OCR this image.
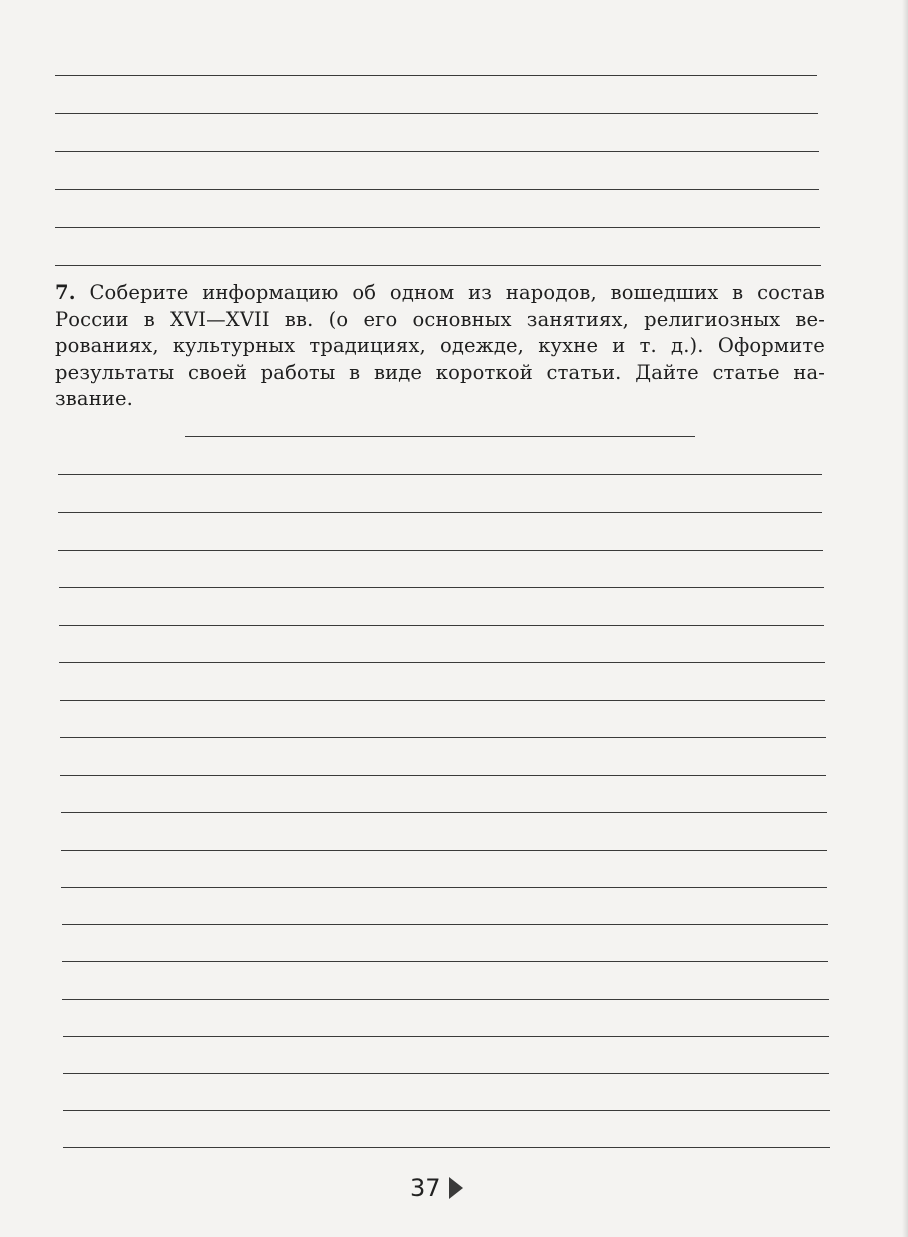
7. Соберите информацию об одном из народов, вошедших в состав
России в XVI—XVII вв. (о его основных занятиях, религиозных ве-
рованиях, культурных традициях, одежде, кухне и т. д.). Оформите
результаты своей работы в виде короткой статьи. Дайте статье на-
звание.
37
